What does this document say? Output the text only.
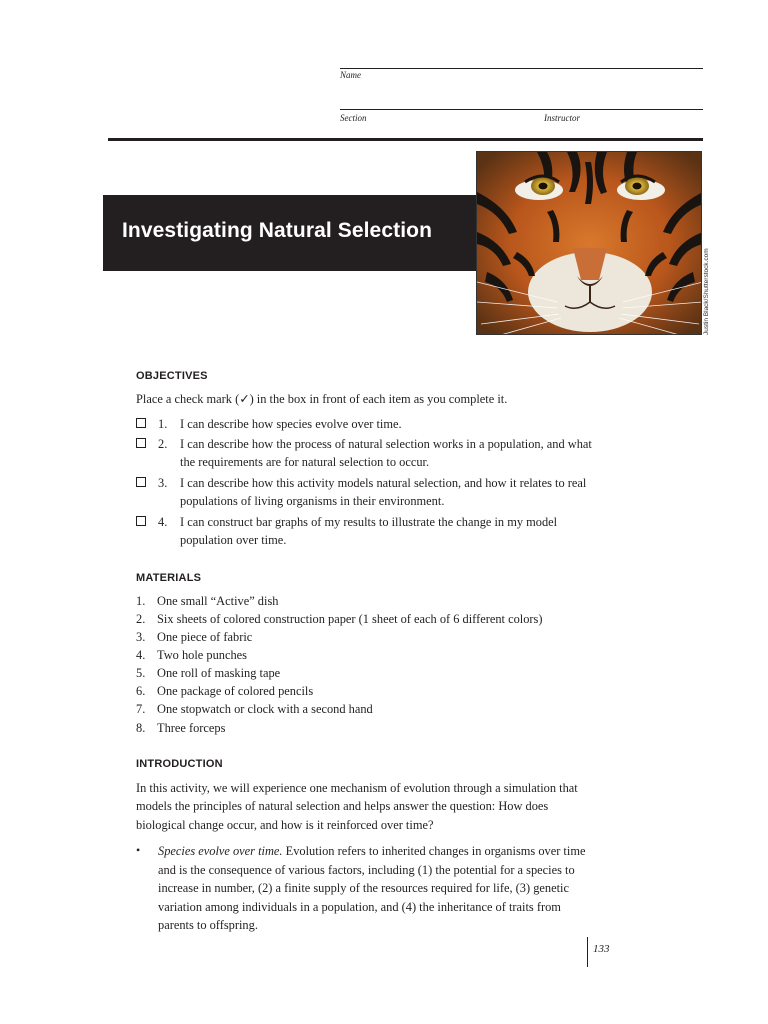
Name
Section	Instructor
Investigating Natural Selection
Justin Black/Shutterstock.com
OBJECTIVES
Place a check mark (✓) in the box in front of each item as you complete it.
1. I can describe how species evolve over time.
2. I can describe how the process of natural selection works in a population, and what the requirements are for natural selection to occur.
3. I can describe how this activity models natural selection, and how it relates to real populations of living organisms in their environment.
4. I can construct bar graphs of my results to illustrate the change in my model population over time.
MATERIALS
1. One small “Active” dish
2. Six sheets of colored construction paper (1 sheet of each of 6 different colors)
3. One piece of fabric
4. Two hole punches
5. One roll of masking tape
6. One package of colored pencils
7. One stopwatch or clock with a second hand
8. Three forceps
INTRODUCTION
In this activity, we will experience one mechanism of evolution through a simulation that models the principles of natural selection and helps answer the question: How does biological change occur, and how is it reinforced over time?
• Species evolve over time. Evolution refers to inherited changes in organisms over time and is the consequence of various factors, including (1) the potential for a species to increase in number, (2) a finite supply of the resources required for life, (3) genetic variation among individuals in a population, and (4) the inheritance of traits from parents to offspring.
133
